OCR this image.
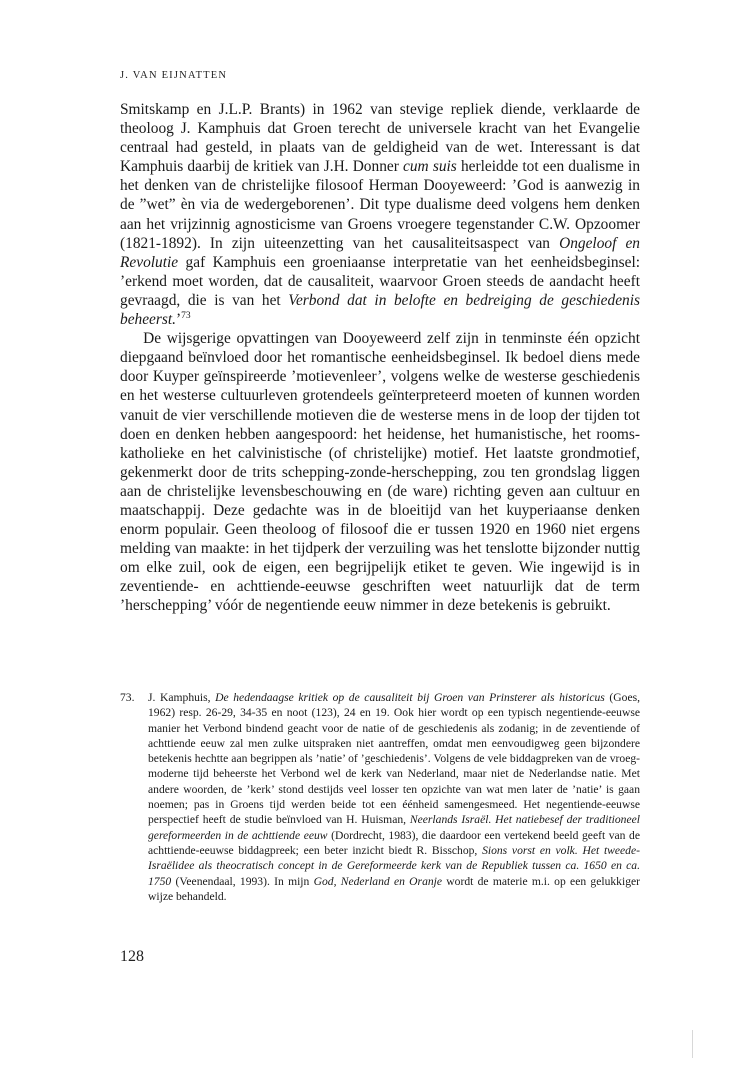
J. VAN EIJNATTEN

Smitskamp en J.L.P. Brants) in 1962 van stevige repliek diende, verklaarde de theoloog J. Kamphuis dat Groen terecht de universele kracht van het Evangelie centraal had gesteld, in plaats van de geldigheid van de wet. Interessant is dat Kamphuis daarbij de kritiek van J.H. Donner cum suis herleidde tot een dualisme in het denken van de christelijke filosoof Herman Dooyeweerd: ’God is aanwezig in de ”wet” èn via de wedergeborenen’. Dit type dualisme deed volgens hem denken aan het vrijzinnig agnosticisme van Groens vroegere tegenstander C.W. Opzoomer (1821-1892). In zijn uiteenzetting van het causaliteitsaspect van Ongeloof en Revolutie gaf Kamphuis een groeniaanse interpretatie van het eenheidsbeginsel: ’erkend moet worden, dat de causaliteit, waarvoor Groen steeds de aandacht heeft gevraagd, die is van het Verbond dat in belofte en bedreiging de geschiedenis beheerst.’$^{73}$

De wijsgerige opvattingen van Dooyeweerd zelf zijn in tenminste één opzicht diepgaand beïnvloed door het romantische eenheidsbeginsel. Ik bedoel diens mede door Kuyper geïnspireerde ’motievenleer’, volgens welke de westerse geschiedenis en het westerse cultuurleven grotendeels geïnterpreteerd moeten of kunnen worden vanuit de vier verschillende motieven die de westerse mens in de loop der tijden tot doen en denken hebben aangespoord: het heidense, het humanistische, het rooms-katholieke en het calvinistische (of christelijke) motief. Het laatste grondmotief, gekenmerkt door de trits schepping-zonde-herschepping, zou ten grondslag liggen aan de christelijke levensbeschouwing en (de ware) richting geven aan cultuur en maatschappij. Deze gedachte was in de bloeitijd van het kuyperiaanse denken enorm populair. Geen theoloog of filosoof die er tussen 1920 en 1960 niet ergens melding van maakte: in het tijdperk der verzuiling was het tenslotte bijzonder nuttig om elke zuil, ook de eigen, een begrijpelijk etiket te geven. Wie ingewijd is in zeventiende- en achttiende-eeuwse geschriften weet natuurlijk dat de term ’herschepping’ vóór de negentiende eeuw nimmer in deze betekenis is gebruikt.

73.	J. Kamphuis, De hedendaagse kritiek op de causaliteit bij Groen van Prinsterer als historicus (Goes, 1962) resp. 26-29, 34-35 en noot (123), 24 en 19. Ook hier wordt op een typisch negentiende-eeuwse manier het Verbond bindend geacht voor de natie of de geschiedenis als zodanig; in de zeventiende of achttiende eeuw zal men zulke uitspraken niet aantreffen, omdat men eenvoudigweg geen bijzondere betekenis hechtte aan begrippen als ’natie’ of ’geschiedenis’. Volgens de vele biddagpreken van de vroeg-moderne tijd beheerste het Verbond wel de kerk van Nederland, maar niet de Nederlandse natie. Met andere woorden, de ’kerk’ stond destijds veel losser ten opzichte van wat men later de ’natie’ is gaan noemen; pas in Groens tijd werden beide tot een éénheid samengesmeed. Het negentiende-eeuwse perspectief heeft de studie beïnvloed van H. Huisman, Neerlands Israël. Het natiebesef der traditioneel gereformeerden in de achttiende eeuw (Dordrecht, 1983), die daardoor een vertekend beeld geeft van de achttiende-eeuwse biddagpreek; een beter inzicht biedt R. Bisschop, Sions vorst en volk. Het tweede-Israëlidee als theocratisch concept in de Gereformeerde kerk van de Republiek tussen ca. 1650 en ca. 1750 (Veenendaal, 1993). In mijn God, Nederland en Oranje wordt de materie m.i. op een gelukkiger wijze behandeld.
128
